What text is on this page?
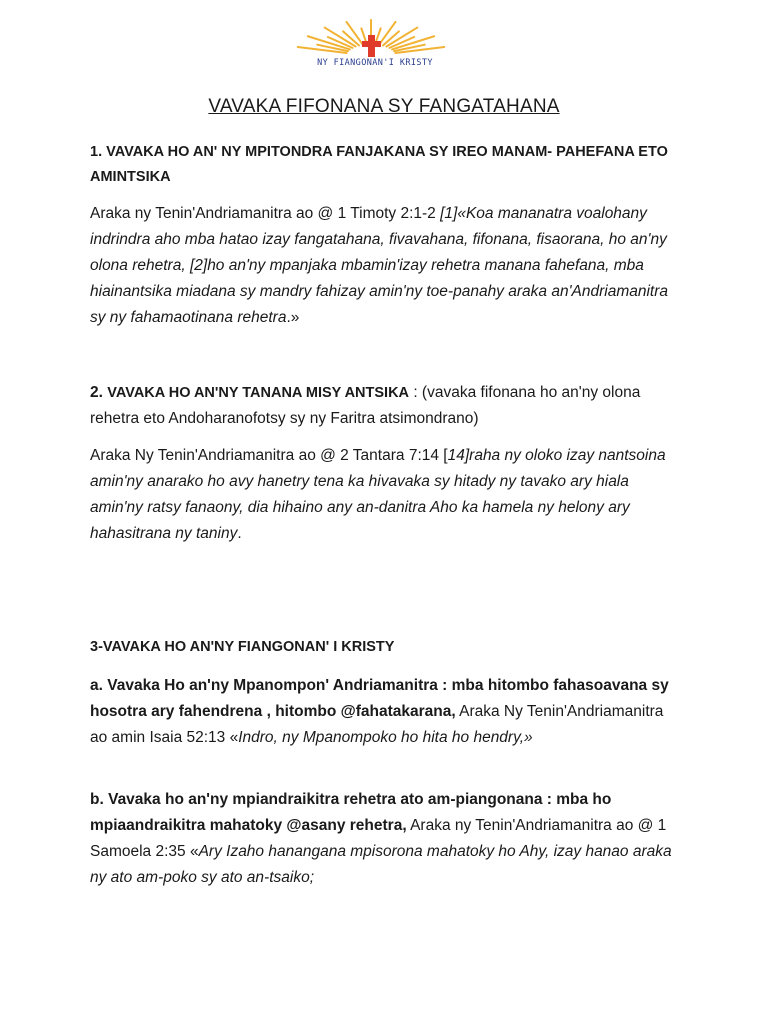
NY FIANGONAN'I KRISTY
VAVAKA FIFONANA SY FANGATAHANA
1. VAVAKA HO AN' NY MPITONDRA FANJAKANA SY IREO MANAM- PAHEFANA ETO AMINTSIKA
Araka ny Tenin'Andriamanitra ao @ 1 Timoty 2:1-2 [1]«Koa mananatra voalohany indrindra aho mba hatao izay fangatahana, fivavahana, fifonana, fisaorana, ho an'ny olona rehetra, [2]ho an'ny mpanjaka mbamin'izay rehetra manana fahefana, mba hiainantsika miadana sy mandry fahizay amin'ny toe-panahy araka an'Andriamanitra sy ny fahamaotinana rehetra.»
2. VAVAKA HO AN'NY TANANA MISY ANTSIKA : (vavaka fifonana ho an'ny olona rehetra eto Andoharanofotsy sy ny Faritra atsimondrano)
Araka Ny Tenin'Andriamanitra ao @ 2 Tantara 7:14 [14]raha ny oloko izay nantsoina amin'ny anarako ho avy hanetry tena ka hivavaka sy hitady ny tavako ary hiala amin'ny ratsy fanaony, dia hihaino any an-danitra Aho ka hamela ny helony ary hahasitrana ny taniny.
3-VAVAKA HO AN'NY FIANGONAN' I KRISTY
a. Vavaka Ho an'ny Mpanompon' Andriamanitra : mba hitombo fahasoavana sy hosotra ary fahendrena , hitombo @fahatakarana, Araka Ny Tenin'Andriamanitra ao amin Isaia 52:13 «Indro, ny Mpanompoko ho hita ho hendry,»
b. Vavaka ho an'ny mpiandraikitra rehetra ato am-piangonana : mba ho mpiaandraikitra mahatoky @asany rehetra, Araka ny Tenin'Andriamanitra ao @ 1 Samoela 2:35 «Ary Izaho hanangana mpisorona mahatoky ho Ahy, izay hanao araka ny ato am-poko sy ato an-tsaiko;
